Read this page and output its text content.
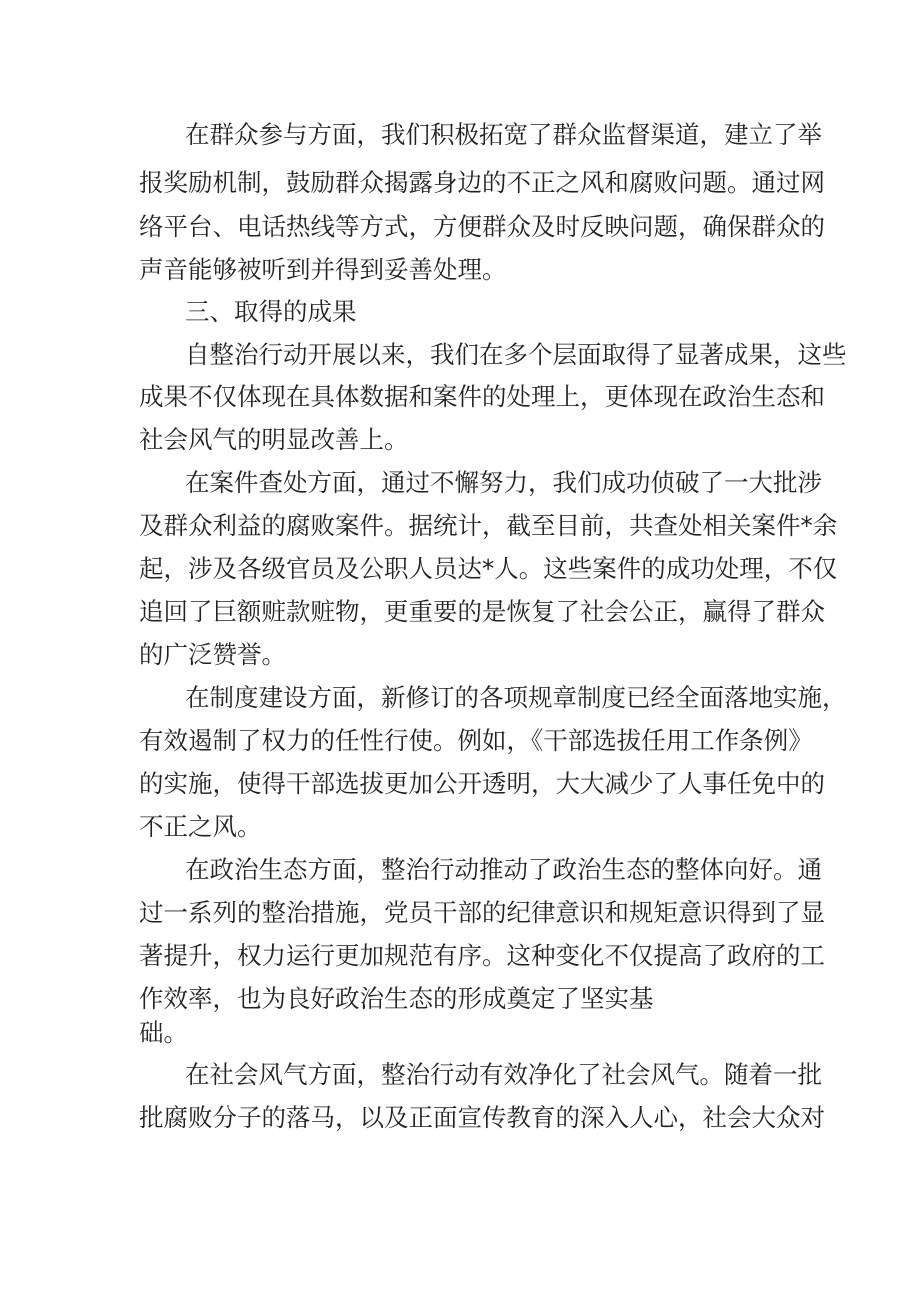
在群众参与方面，我们积极拓宽了群众监督渠道，建立了举
报奖励机制，鼓励群众揭露身边的不正之风和腐败问题。通过网
络平台、电话热线等方式，方便群众及时反映问题，确保群众的
声音能够被听到并得到妥善处理。
三、取得的成果
自整治行动开展以来，我们在多个层面取得了显著成果，这些
成果不仅体现在具体数据和案件的处理上，更体现在政治生态和
社会风气的明显改善上。
在案件查处方面，通过不懈努力，我们成功侦破了一大批涉
及群众利益的腐败案件。据统计，截至目前，共查处相关案件*余
起，涉及各级官员及公职人员达*人。这些案件的成功处理，不仅
追回了巨额赃款赃物，更重要的是恢复了社会公正，赢得了群众
的广泛赞誉。
在制度建设方面，新修订的各项规章制度已经全面落地实施，
有效遏制了权力的任性行使。例如，《干部选拔任用工作条例》
的实施，使得干部选拔更加公开透明，大大减少了人事任免中的
不正之风。
在政治生态方面，整治行动推动了政治生态的整体向好。通
过一系列的整治措施，党员干部的纪律意识和规矩意识得到了显
著提升，权力运行更加规范有序。这种变化不仅提高了政府的工
作效率，也为良好政治生态的形成奠定了坚实基
础。
在社会风气方面，整治行动有效净化了社会风气。随着一批
批腐败分子的落马，以及正面宣传教育的深入人心，社会大众对
